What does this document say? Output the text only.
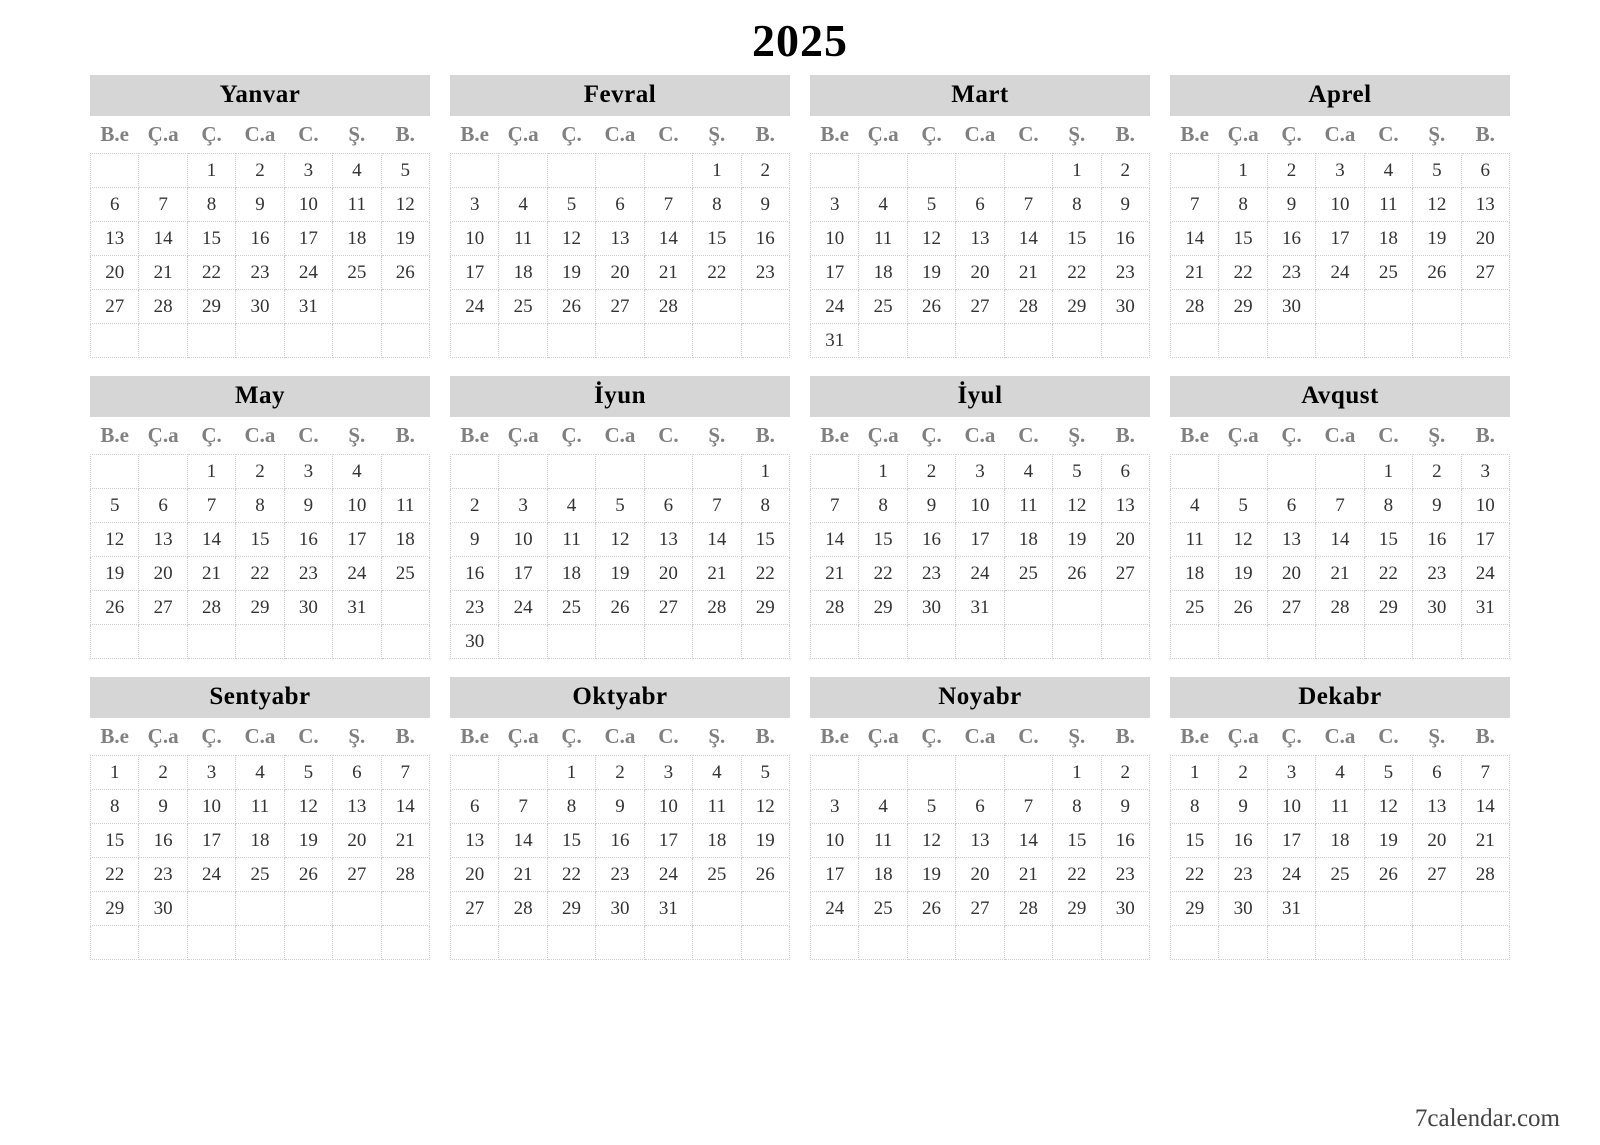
2025
Yanvar
B.e	Ç.a	Ç.	C.a	C.	Ş.	B.
		1	2	3	4	5
6	7	8	9	10	11	12
13	14	15	16	17	18	19
20	21	22	23	24	25	26
27	28	29	30	31		

Fevral
B.e	Ç.a	Ç.	C.a	C.	Ş.	B.
					1	2
3	4	5	6	7	8	9
10	11	12	13	14	15	16
17	18	19	20	21	22	23
24	25	26	27	28		

Mart
B.e	Ç.a	Ç.	C.a	C.	Ş.	B.
					1	2
3	4	5	6	7	8	9
10	11	12	13	14	15	16
17	18	19	20	21	22	23
24	25	26	27	28	29	30
31						
Aprel
B.e	Ç.a	Ç.	C.a	C.	Ş.	B.
	1	2	3	4	5	6
7	8	9	10	11	12	13
14	15	16	17	18	19	20
21	22	23	24	25	26	27
28	29	30				

May
B.e	Ç.a	Ç.	C.a	C.	Ş.	B.
		1	2	3	4	
5	6	7	8	9	10	11
12	13	14	15	16	17	18
19	20	21	22	23	24	25
26	27	28	29	30	31	

İyun
B.e	Ç.a	Ç.	C.a	C.	Ş.	B.
						1
2	3	4	5	6	7	8
9	10	11	12	13	14	15
16	17	18	19	20	21	22
23	24	25	26	27	28	29
30						
İyul
B.e	Ç.a	Ç.	C.a	C.	Ş.	B.
	1	2	3	4	5	6
7	8	9	10	11	12	13
14	15	16	17	18	19	20
21	22	23	24	25	26	27
28	29	30	31			

Avqust
B.e	Ç.a	Ç.	C.a	C.	Ş.	B.
				1	2	3
4	5	6	7	8	9	10
11	12	13	14	15	16	17
18	19	20	21	22	23	24
25	26	27	28	29	30	31

Sentyabr
B.e	Ç.a	Ç.	C.a	C.	Ş.	B.
1	2	3	4	5	6	7
8	9	10	11	12	13	14
15	16	17	18	19	20	21
22	23	24	25	26	27	28
29	30					

Oktyabr
B.e	Ç.a	Ç.	C.a	C.	Ş.	B.
		1	2	3	4	5
6	7	8	9	10	11	12
13	14	15	16	17	18	19
20	21	22	23	24	25	26
27	28	29	30	31		

Noyabr
B.e	Ç.a	Ç.	C.a	C.	Ş.	B.
					1	2
3	4	5	6	7	8	9
10	11	12	13	14	15	16
17	18	19	20	21	22	23
24	25	26	27	28	29	30

Dekabr
B.e	Ç.a	Ç.	C.a	C.	Ş.	B.
1	2	3	4	5	6	7
8	9	10	11	12	13	14
15	16	17	18	19	20	21
22	23	24	25	26	27	28
29	30	31				

7calendar.com
